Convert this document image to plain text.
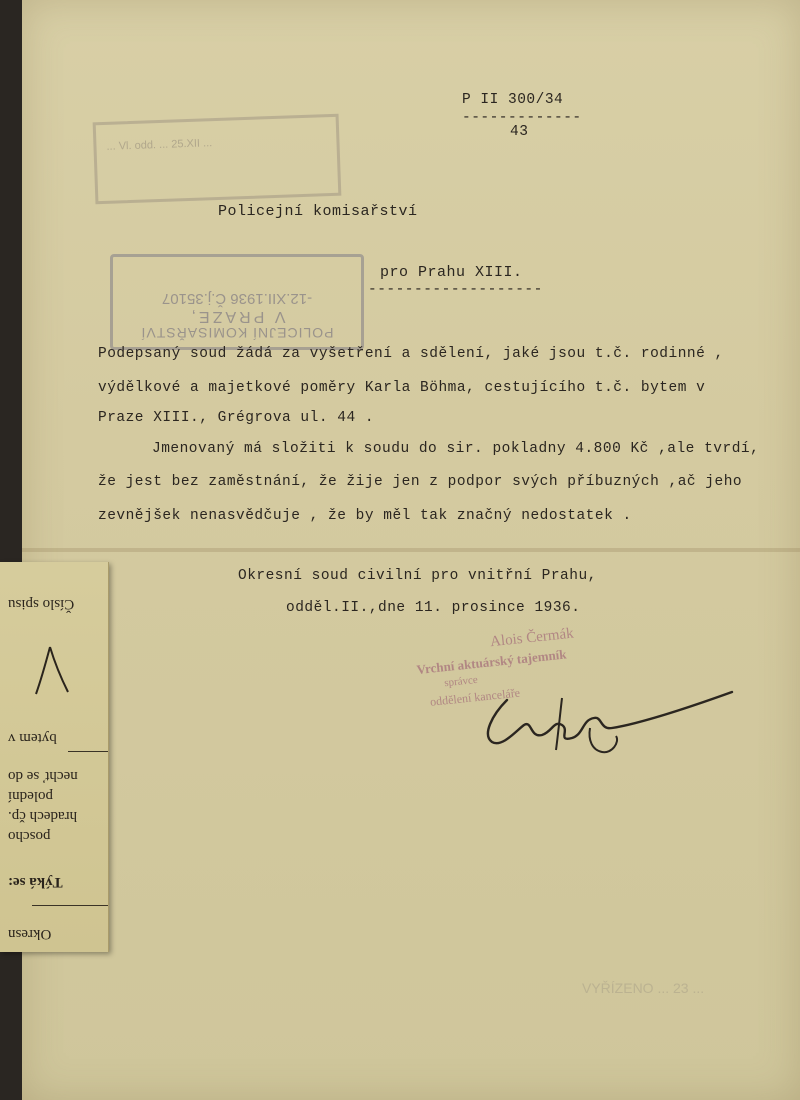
... Vl. odd. ... 25.XII ...
P II 300/34
-------------
43
Policejní komisařství
POLICEJNÍ KOMISAŘSTVÍ
V PRAZE,
-12.XII.1936 Č.j.35107
pro Prahu XIII.
-------------------
Podepsaný soud žádá za vyšetření a sdělení, jaké jsou t.č. rodinné ,
výdělkové a majetkové poměry Karla Böhma, cestujícího t.č. bytem v
Praze XIII., Grégrova ul. 44 .
Jmenovaný má složiti k soudu do sir. pokladny 4.800 Kč ,ale tvrdí,
že jest bez zaměstnání, že žije jen z podpor svých příbuzných ,ač jeho
zevnějšek nenasvědčuje , že by měl tak značný nedostatek .
Okresní soud civilní pro vnitřní Prahu,
odděl.II.,dne 11. prosince 1936.
Alois Čermák
Vrchní aktuárský tajemník
správce
oddělení kanceláře
VYŘÍZENO ... 23 ...
Okresn
Týká se:
poscho
hradech čp.
polední
nechť se do
bytem v
Číslo spisu
